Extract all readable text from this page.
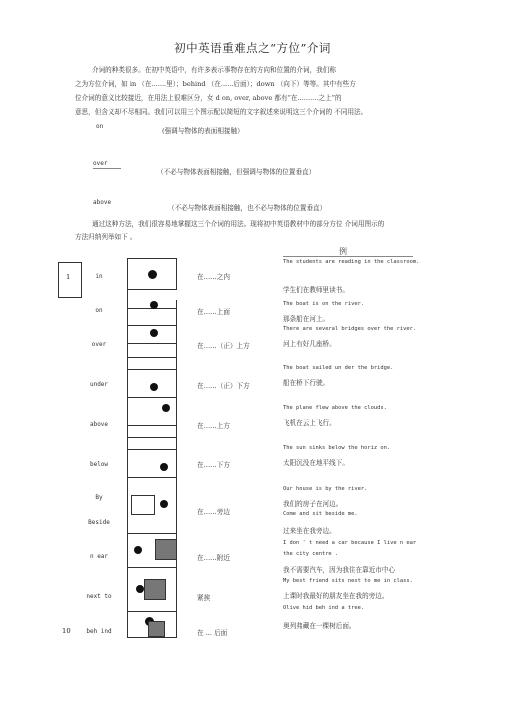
初中英语重难点之“方位”介词
介词的种类很多。在初中英语中，有许多表示事物存在的方向和位置的介词，我们称
之为方位介词，如 in （在.......里）；behind （在......后面）；down （向下）等等。其中有些方
位介词的意义比较接近，在用法上很难区分，女 d on, over, above 都有“在..........之上”的
意思，但含义却不尽相同。我们可以用三个图示配以简短的文字叙述来说明这三个介词的 不同用法。
on
(强调与物体的表面相接触）
over
（不必与物体表面相接触，但强调与物体的位置垂直）
above
（不必与物体表面相接触，也不必与物体的位置垂直）
通过这种方法，我们很容易地掌握这三个介词的用法。现将初中英语教材中的部分方位 介词用图示的
方法归纳列举如下 。
例
1
10
in	在……之内
The students are reading in the classroom.
学生们在教师里读书。
on	在……上面
The boat is on the river.
那条船在河上。
over	在……（正）上方
There are several bridges over the river.
河上有好几座桥。
under	在……（正）下方
The boat sailed un der the bridge.
船在桥下行驶。
above	在……上方
The plane flew above the clouds.
飞机在云上飞行。
below	在……下方
The sun sinks below the horiz on.
太阳沉没在地平线下。
By
Beside
在……旁边
Our house is by the river.
我们的房子在河边。
Come and sit beside me.
过来坐在我旁边。
n ear	在……附近
I don ' t need a car because I live n ear the city centre .
我不需要汽车，因为我住在靠近市中心
next to	紧挨
My best friend sits next to me in class.
上课时我最好的朋友坐在我的旁边。
beh ind	在 ... 后面
Olive hid beh ind a tree.
奥列弗藏在一棵树后面。
